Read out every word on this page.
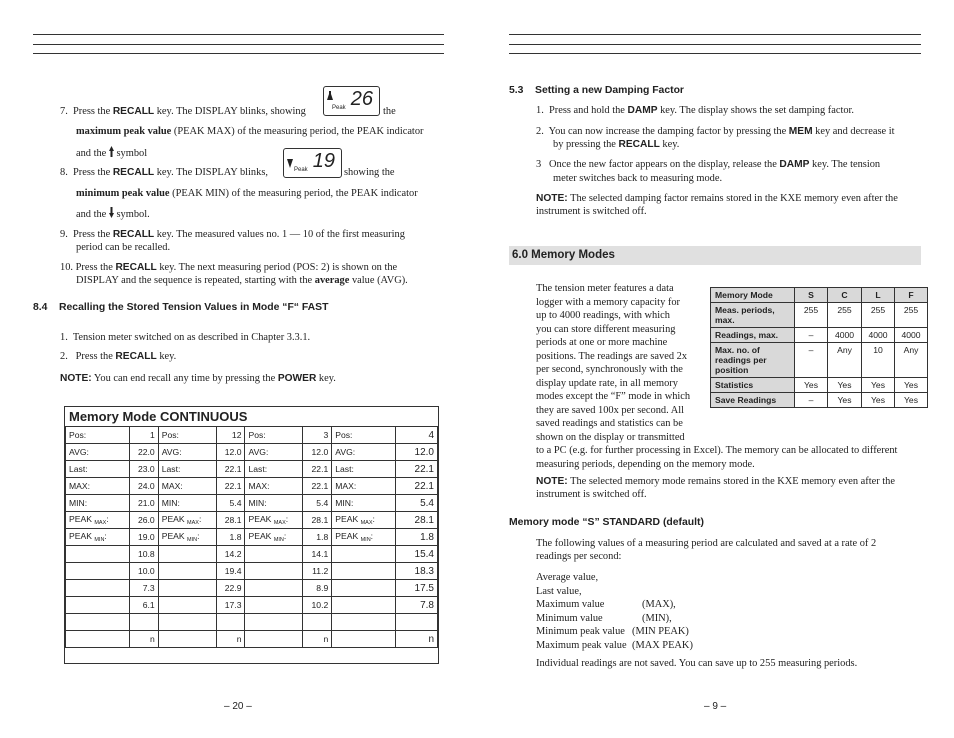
7. Press the RECALL key. The DISPLAY blinks, showing	Peak 26
the
maximum peak value (PEAK MAX) of the measuring period, the PEAK indicator
and the symbol
8. Press the RECALL key. The DISPLAY blinks,	Peak 19
showing the
minimum peak value (PEAK MIN) of the measuring period, the PEAK indicator
and the symbol.
9. Press the RECALL key. The measured values no. 1 — 10 of the first measuring
period can be recalled.
10. Press the RECALL key. The next measuring period (POS: 2) is shown on the
DISPLAY and the sequence is repeated, starting with the average value (AVG).
8.4 Recalling the Stored Tension Values in Mode “F“ FAST
1. Tension meter switched on as described in Chapter 3.3.1.
2. Press the RECALL key.
NOTE: You can end recall any time by pressing the POWER key.
Memory Mode CONTINUOUS
Pos:	1	Pos:	12	Pos:	3	Pos:	4
AVG:	22.0	AVG:	12.0	AVG:	12.0	AVG:	12.0
Last:	23.0	Last:	22.1	Last:	22.1	Last:	22.1
MAX:	24.0	MAX:	22.1	MAX:	22.1	MAX:	22.1
MIN:	21.0	MIN:	5.4	MIN:	5.4	MIN:	5.4
PEAK $_{MAX}$:	26.0	PEAK $_{MAX}$:	28.1	PEAK $_{MAX}$:	28.1	PEAK $_{MAX}$:	28.1
PEAK $_{MIN}$:	19.0	PEAK $_{MIN}$:	1.8	PEAK $_{MIN}$:	1.8	PEAK $_{MIN}$:	1.8
	10.8		14.2		14.1		15.4
	10.0		19.4		11.2		18.3
	7.3		22.9		8.9		17.5
	6.1		17.3		10.2		7.8

	n		n		n		n
– 20 –
5.3 Setting a new Damping Factor
1. Press and hold the DAMP key. The display shows the set damping factor.
2. You can now increase the damping factor by pressing the MEM key and decrease it
by pressing the RECALL key.
3 Once the new factor appears on the display, release the DAMP key. The tension
meter switches back to measuring mode.
NOTE: The selected damping factor remains stored in the KXE memory even after the
instrument is switched off.
6.0 Memory Modes
The tension meter features a data
logger with a memory capacity for
up to 4000 readings, with which
you can store different measuring
periods at one or more machine
positions. The readings are saved 2x
per second, synchronously with the
display update rate, in all memory
modes except the “F” mode in which
they are saved 100x per second. All
saved readings and statistics can be
shown on the display or transmitted
to a PC (e.g. for further processing in Excel). The memory can be allocated to different
measuring periods, depending on the memory mode.
Memory Mode	S	C	L	F
Meas. periods, max.	255	255	255	255
Readings, max.	–	4000	4000	4000
Max. no. of readings per position	–	Any	10	Any
Statistics	Yes	Yes	Yes	Yes
Save Readings	–	Yes	Yes	Yes
NOTE: The selected memory mode remains stored in the KXE memory even after the
instrument is switched off.
Memory mode “S” STANDARD (default)
The following values of a measuring period are calculated and saved at a rate of 2
readings per second:
Average value,
Last value,
Maximum value	(MAX),
Minimum value	(MIN),
Minimum peak value (MIN PEAK)
Maximum peak value (MAX PEAK)
Individual readings are not saved. You can save up to 255 measuring periods.
– 9 –
